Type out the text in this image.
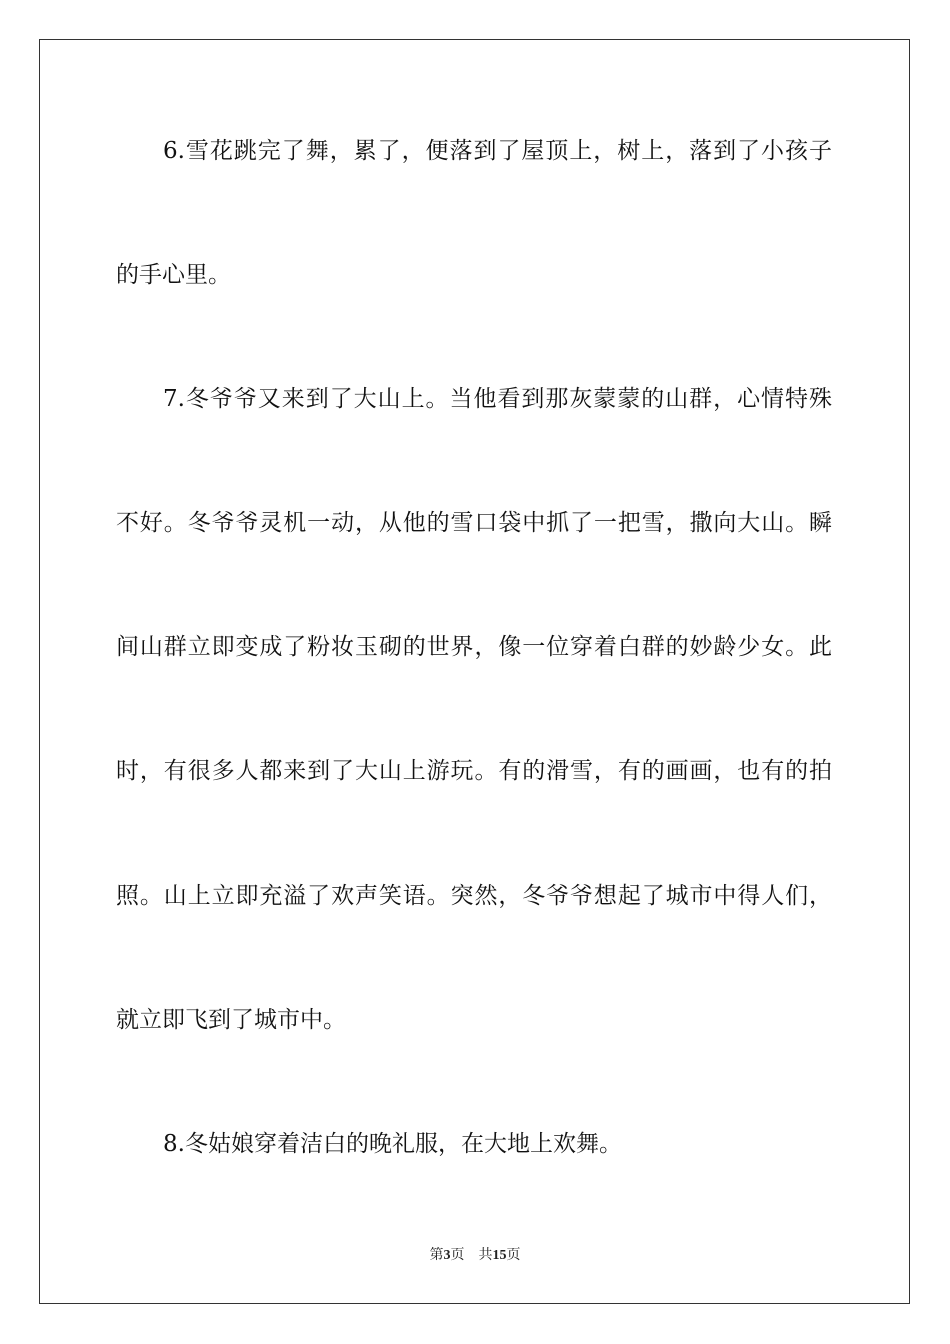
6.雪花跳完了舞，累了，便落到了屋顶上，树上，落到了小孩子
的手心里。
7.冬爷爷又来到了大山上。当他看到那灰蒙蒙的山群，心情特殊
不好。冬爷爷灵机一动，从他的雪口袋中抓了一把雪，撒向大山。瞬
间山群立即变成了粉妆玉砌的世界，像一位穿着白群的妙龄少女。此
时，有很多人都来到了大山上游玩。有的滑雪，有的画画，也有的拍
照。山上立即充溢了欢声笑语。突然，冬爷爷想起了城市中得人们，
就立即飞到了城市中。
8.冬姑娘穿着洁白的晚礼服，在大地上欢舞。
第3页 共15页
